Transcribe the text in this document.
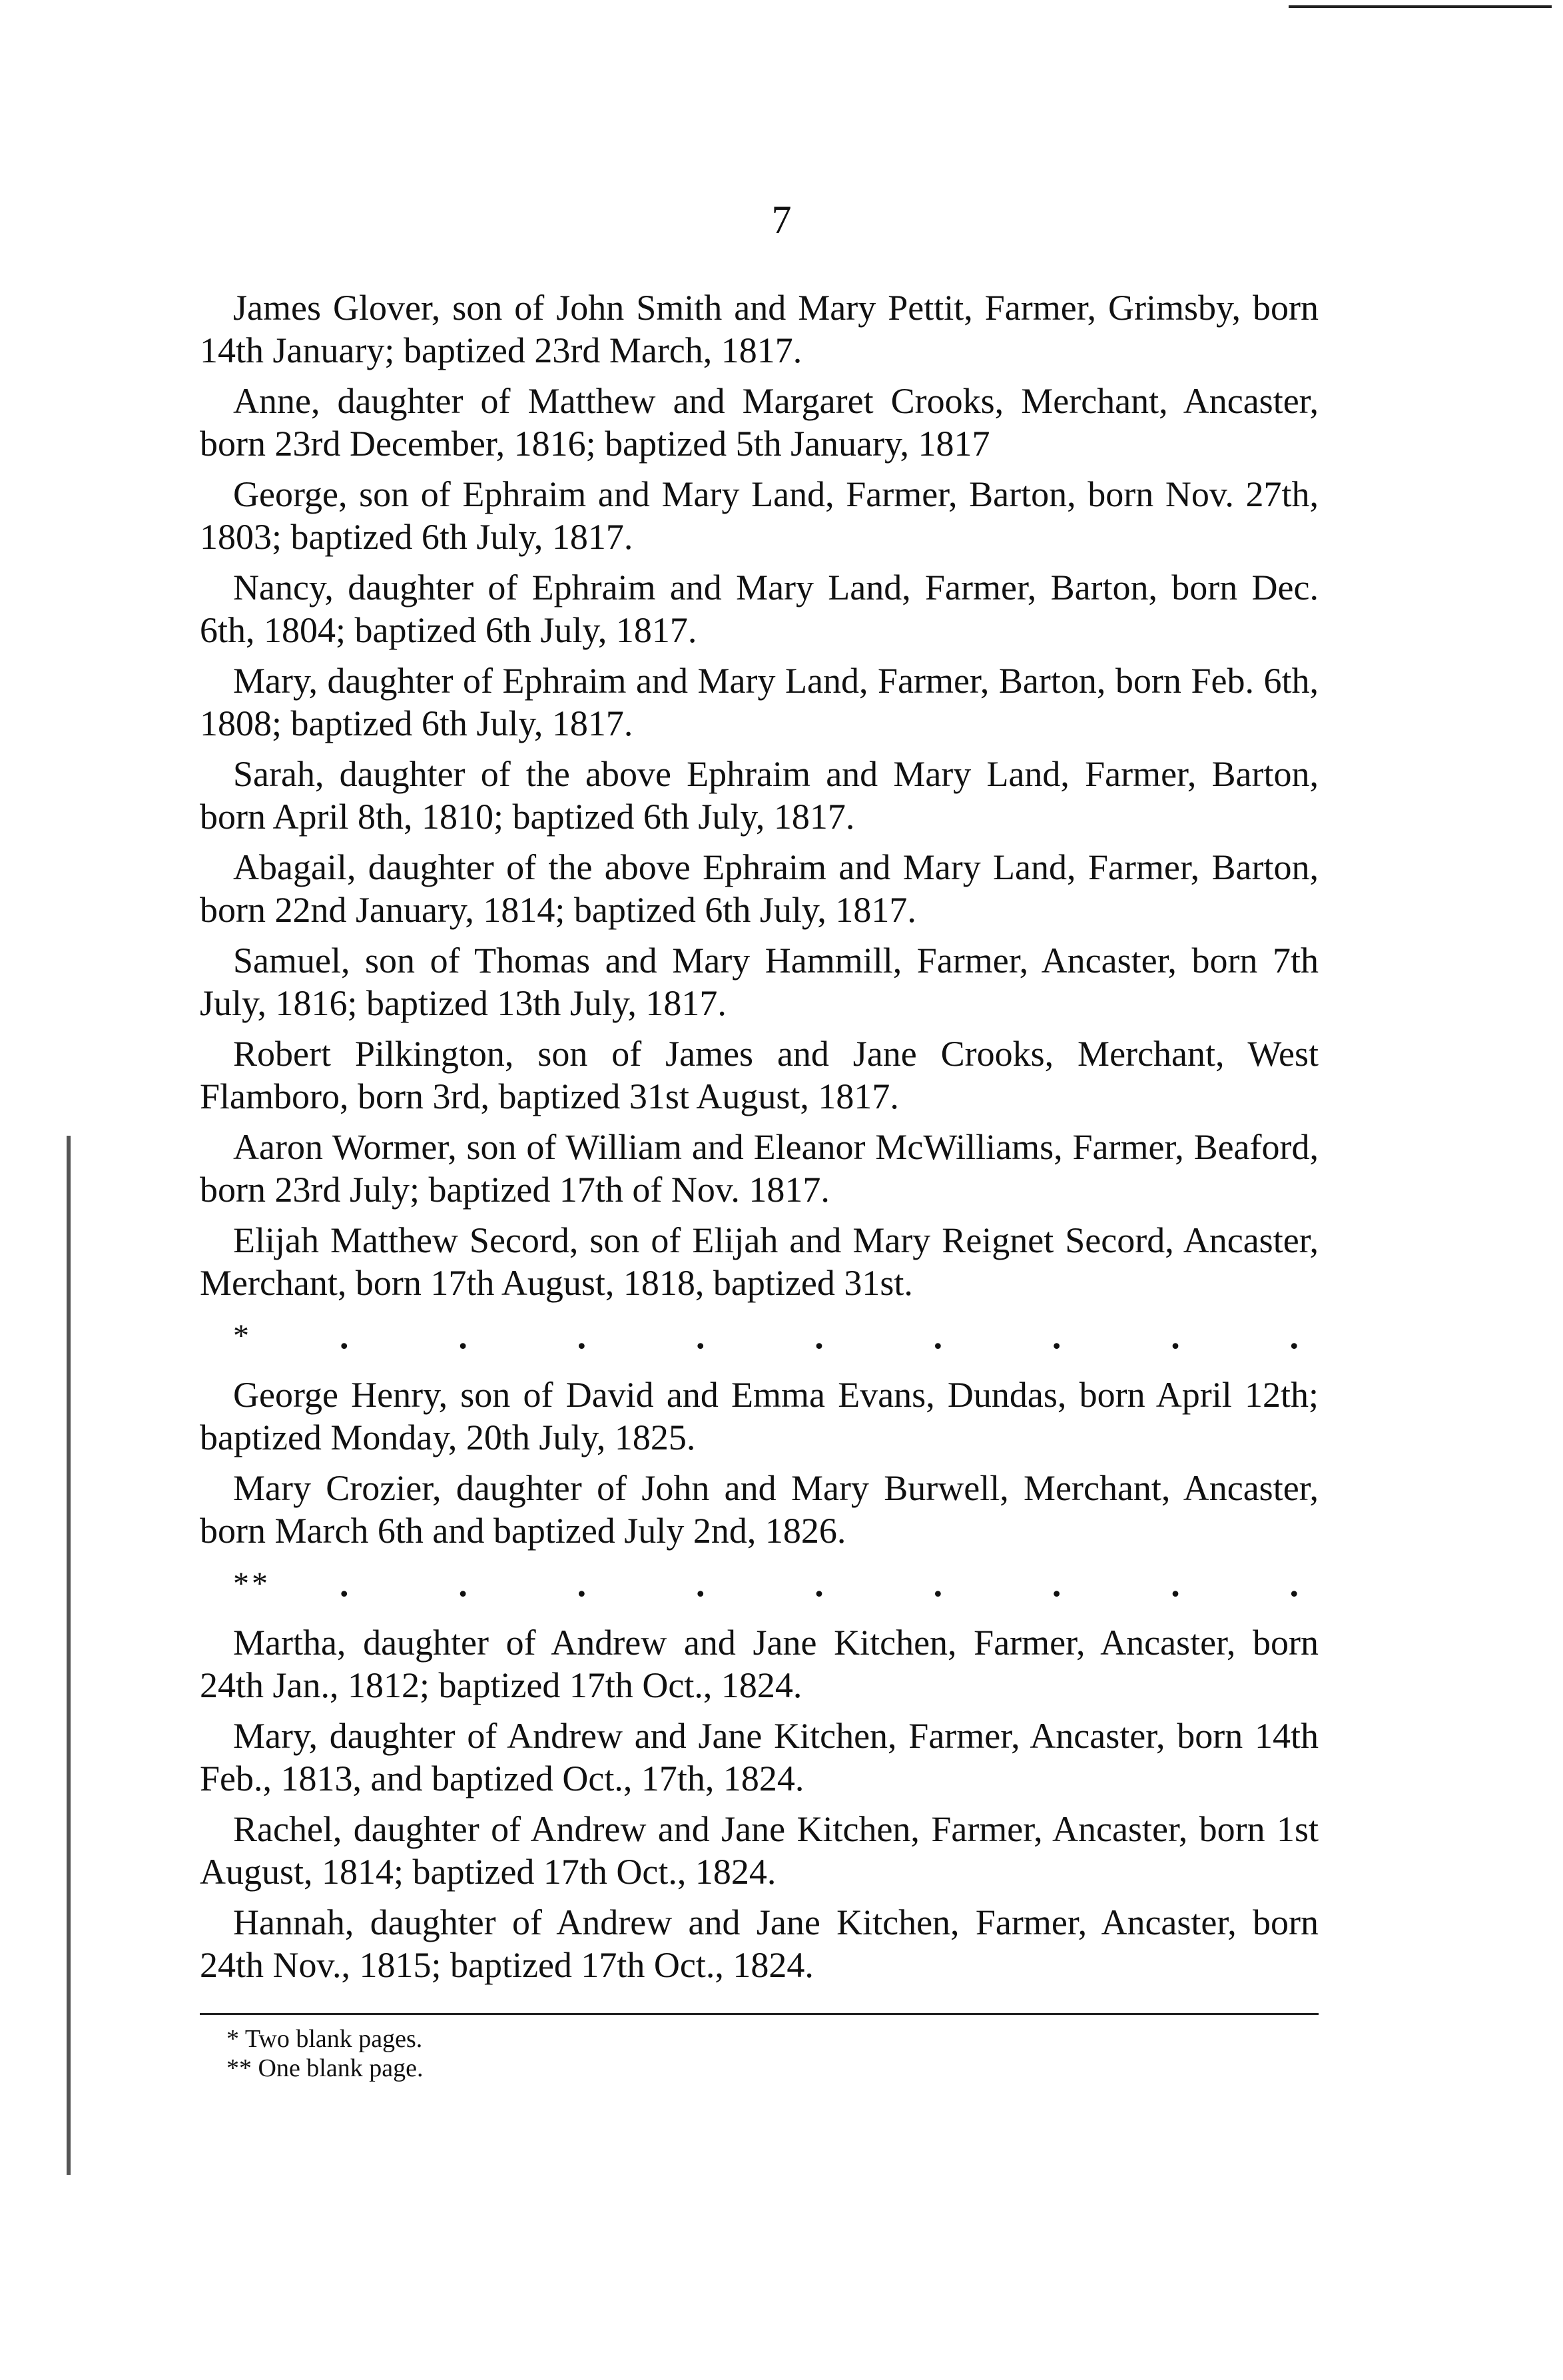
7

James Glover, son of John Smith and Mary Pettit, Farmer, Grimsby, born 14th January; baptized 23rd March, 1817.

Anne, daughter of Matthew and Margaret Crooks, Merchant, Ancaster, born 23rd December, 1816; baptized 5th January, 1817

George, son of Ephraim and Mary Land, Farmer, Barton, born Nov. 27th, 1803; baptized 6th July, 1817.

Nancy, daughter of Ephraim and Mary Land, Farmer, Barton, born Dec. 6th, 1804; baptized 6th July, 1817.

Mary, daughter of Ephraim and Mary Land, Farmer, Barton, born Feb. 6th, 1808; baptized 6th July, 1817.

Sarah, daughter of the above Ephraim and Mary Land, Farmer, Barton, born April 8th, 1810; baptized 6th July, 1817.

Abagail, daughter of the above Ephraim and Mary Land, Farmer, Barton, born 22nd January, 1814; baptized 6th July, 1817.

Samuel, son of Thomas and Mary Hammill, Farmer, Ancaster, born 7th July, 1816; baptized 13th July, 1817.

Robert Pilkington, son of James and Jane Crooks, Merchant, West Flamboro, born 3rd, baptized 31st August, 1817.

Aaron Wormer, son of William and Eleanor McWilliams, Farmer, Beaford, born 23rd July; baptized 17th of Nov. 1817.

Elijah Matthew Secord, son of Elijah and Mary Reignet Secord, Ancaster, Merchant, born 17th August, 1818, baptized 31st.

* .	.	.	.	.	.	.	.	.

George Henry, son of David and Emma Evans, Dundas, born April 12th; baptized Monday, 20th July, 1825.

Mary Crozier, daughter of John and Mary Burwell, Merchant, Ancaster, born March 6th and baptized July 2nd, 1826.

** .	.	.	.	.	.	.	.	.

Martha, daughter of Andrew and Jane Kitchen, Farmer, Ancaster, born 24th Jan., 1812; baptized 17th Oct., 1824.

Mary, daughter of Andrew and Jane Kitchen, Farmer, Ancaster, born 14th Feb., 1813, and baptized Oct., 17th, 1824.

Rachel, daughter of Andrew and Jane Kitchen, Farmer, Ancaster, born 1st August, 1814; baptized 17th Oct., 1824.

Hannah, daughter of Andrew and Jane Kitchen, Farmer, Ancaster, born 24th Nov., 1815; baptized 17th Oct., 1824.

* Two blank pages.
** One blank page.
